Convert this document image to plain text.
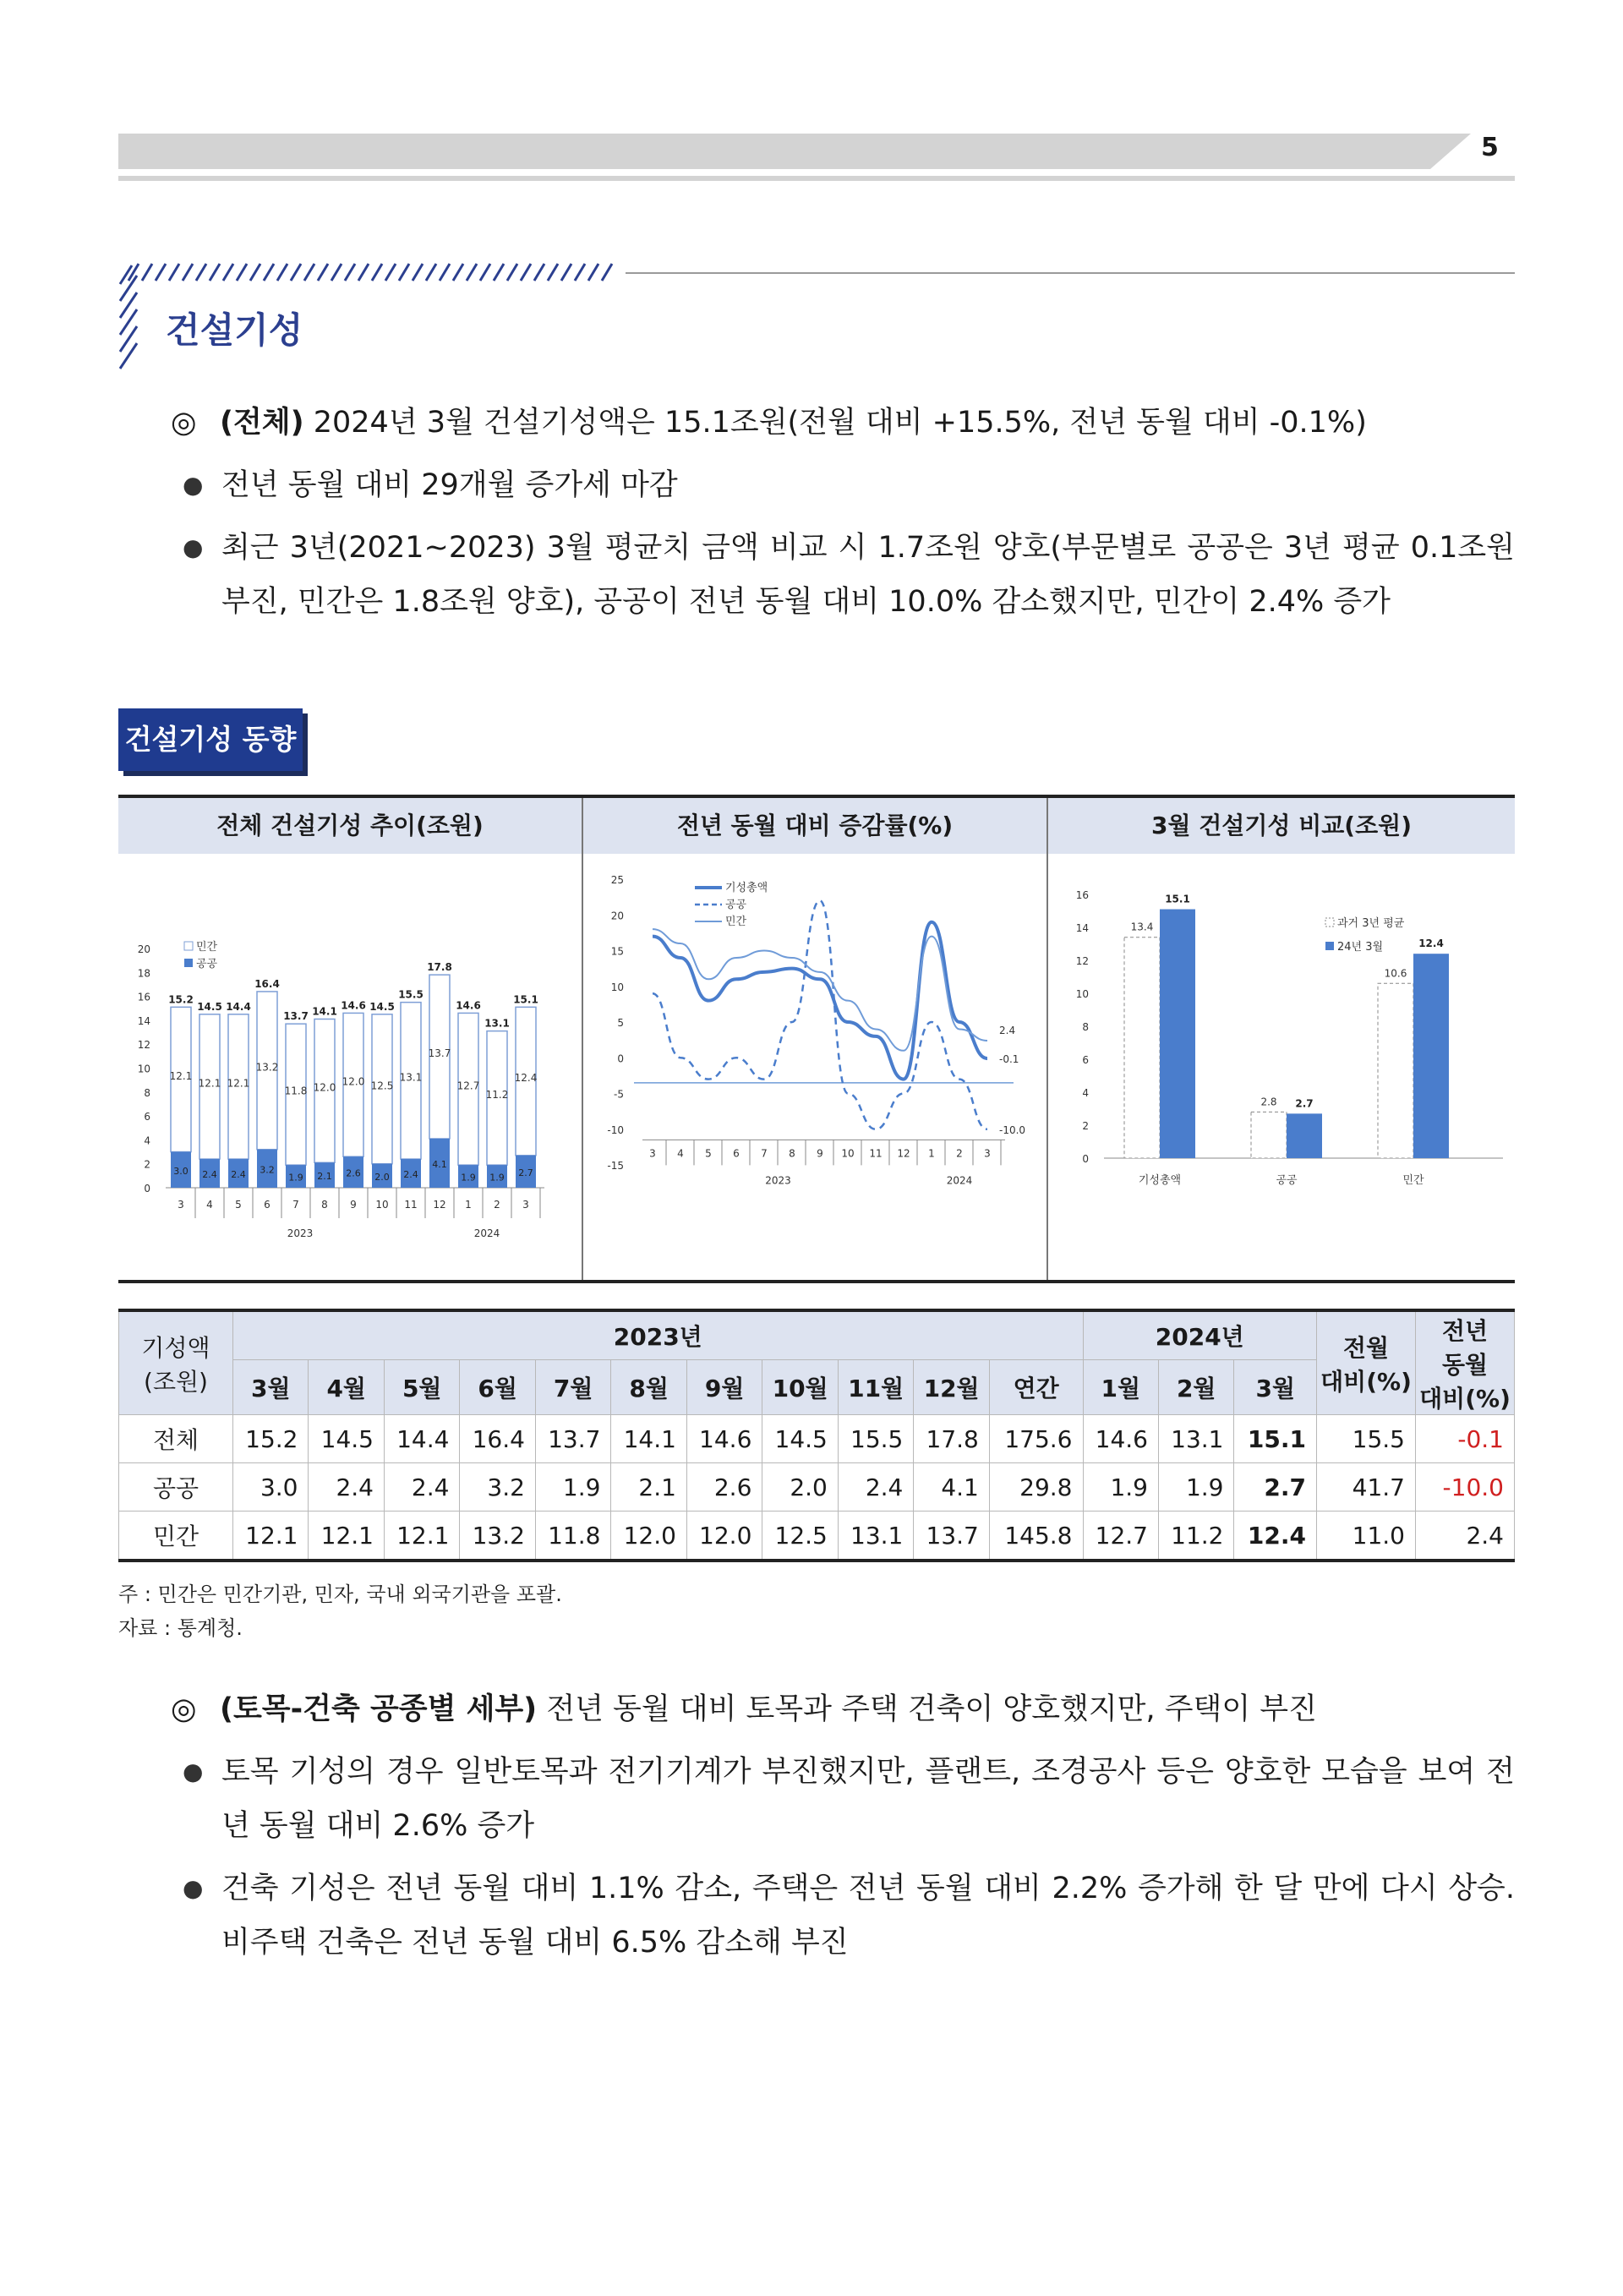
5
건설기성
◎ (전체) 2024년 3월 건설기성액은 15.1조원(전월 대비 +15.5%, 전년 동월 대비 -0.1%)
● 전년 동월 대비 29개월 증가세 마감
● 최근 3년(2021~2023) 3월 평균치 금액 비교 시 1.7조원 양호(부문별로 공공은 3년 평균 0.1조원 부진, 민간은 1.8조원 양호), 공공이 전년 동월 대비 10.0% 감소했지만, 민간이 2.4% 증가
건설기성 동향
전체 건설기성 추이(조원)
0
2
4
6
8
10
12
14
16
18
20
15.2
12.1
3.0
3
14.5
12.1
2.4
4
14.4
12.1
2.4
5
16.4
13.2
3.2
6
13.7
11.8
1.9
7
14.1
12.0
2.1
8
14.6
12.0
2.6
9
14.5
12.5
2.0
10
15.5
13.1
2.4
11
17.8
13.7
4.1
12
14.6
12.7
1.9
1
13.1
11.2
1.9
2
15.1
12.4
2.7
3
2023	2024
민간
공공
전년 동월 대비 증감률(%)
-15
-10
-5
0
5
10
15
20
25
-0.1
-10.0
2.4
3 4 5 6 7 8 9 10 11 12 1 2 3
2023	2024
기성총액
공공
민간
3월 건설기성 비교(조원)
0
2
4
6
8
10
12
14
16
13.4
15.1
기성총액
2.8 2.7
공공
10.6
12.4
민간
과거 3년 평균
24년 3월
기성액
(조원)	2023년											2024년			전월
대비(%)	전년
동월
대비(%)
	3월	4월	5월	6월	7월	8월	9월	10월	11월	12월	연간	1월	2월	3월		
전체	15.2	14.5	14.4	16.4	13.7	14.1	14.6	14.5	15.5	17.8	175.6	14.6	13.1	15.1	15.5	-0.1
공공	3.0	2.4	2.4	3.2	1.9	2.1	2.6	2.0	2.4	4.1	29.8	1.9	1.9	2.7	41.7	-10.0
민간	12.1	12.1	12.1	13.2	11.8	12.0	12.0	12.5	13.1	13.7	145.8	12.7	11.2	12.4	11.0	2.4
주 : 민간은 민간기관, 민자, 국내 외국기관을 포괄.
자료 : 통계청.
◎ (토목-건축 공종별 세부) 전년 동월 대비 토목과 주택 건축이 양호했지만, 주택이 부진
● 토목 기성의 경우 일반토목과 전기기계가 부진했지만, 플랜트, 조경공사 등은 양호한 모습을 보여 전년 동월 대비 2.6% 증가
● 건축 기성은 전년 동월 대비 1.1% 감소, 주택은 전년 동월 대비 2.2% 증가해 한 달 만에 다시 상승. 비주택 건축은 전년 동월 대비 6.5% 감소해 부진
